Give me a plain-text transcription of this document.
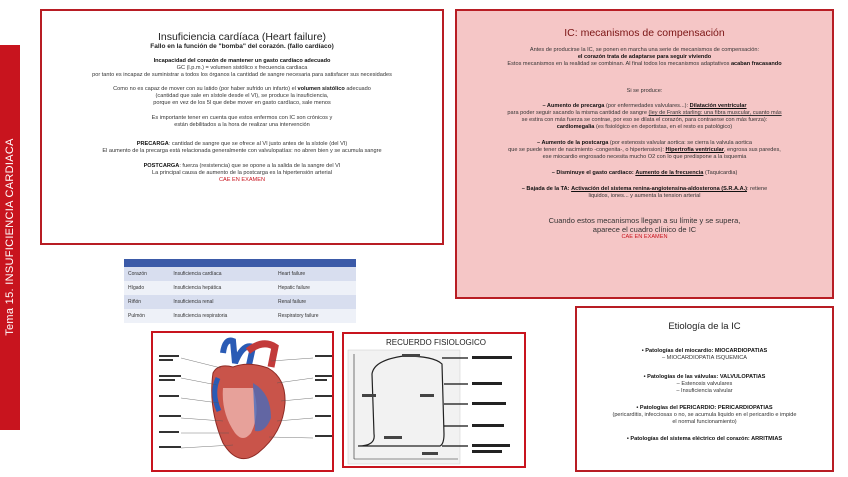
Tema 15. INSUFICIENCIA CARDIACA
Insuficiencia cardíaca (Heart failure)
Fallo en la función de "bomba" del corazón. (fallo cardíaco)
Incapacidad del corazón de mantener un gasto cardíaco adecuado
GC (l.p.m.) = volumen sistólico x frecuencia cardiaca
por tanto es incapaz de suministrar a todos los órganos la cantidad de sangre necesaria para satisfacer sus necesidades
Como no es capaz de mover con su latido (por haber sufrido un infarto) el volumen sistólico adecuado
(cantidad que sale en sístole desde el VI), se produce la insuficiencia,
porque en vez de los 5l que debe mover en gasto cardíaco, sale menos
Es importante tener en cuenta que estos enfermos con IC son crónicos y
están debilitados a la hora de realizar una intervención
PRECARGA: cantidad de sangre que se ofrece al VI justo antes de la sístole (del VI)
El aumento de la precarga está relacionada generalmente con valvulopatías: no abren bien y se acumula sangre
POSTCARGA: fuerza (resistencia) que se opone a la salida de la sangre del VI
La principal causa de aumento de la postcarga es la hipertensión arterial
CAE EN EXAMEN

Corazón	Insuficiencia cardíaca	Heart failure
Hígado	Insuficiencia hepática	Hepatic failure
Riñón	Insuficiencia renal	Renal failure
Pulmón	Insuficiencia respiratoria	Respiratory failure
RECUERDO FISIOLOGICO
IC: mecanismos de compensación
Antes de producirse la IC, se ponen en marcha una serie de mecanismos de compensación:
el corazón trata de adaptarse para seguir viviendo
Estos mecanismos en la realidad se combinan. Al final todos los mecanismos adaptativos acaban fracasando
Si se produce:
– Aumento de precarga (por enfermedades valvulares...): Dilatación ventricular
para poder seguir sacando la misma cantidad de sangre (ley de Frank starling: una fibra muscular, cuanto más
se estira con más fuerza se contrae, por eso se dilata el corazón, para contraerse con más fuerza):
cardiomegalia (es fisiológico en deportistas, en el resto es patológico)
– Aumento de la postcarga (por estenosis valvular aortica: se cierra la valvula aortica
que se puede tener de nacimiento -congenita-, o hipertension): Hipertrofia ventricular, engrosa sus paredes,
ese miocardio engrosado necesita mucho O2 con lo que predispone a la isquemia
– Disminuye el gasto cardiaco: Aumento de la frecuencia (Taquicardia)
– Bajada de la TA: Activación del sistema renina-angiotensina-aldosterona (S.R.A.A.): retiene
liquidos, iones... y aumenta la tension arterial
Cuando estos mecanismos llegan a su límite y se supera,
aparece el cuadro clínico de IC
CAE EN EXAMEN
Etiología de la IC
• Patologías del miocardio: MIOCARDIOPATIAS
– MIOCARDIOPATIA ISQUEMICA
• Patologías de las válvulas: VALVULOPATIAS
– Estenosis valvulares
– Insuficiencia valvular
• Patologías del PERICARDIO: PERICARDIOPATIAS
(pericarditis, infecciosas o no, se acumula liquido en el pericardio e impide
el normal funcionamiento)
• Patologías del sistema eléctrico del corazón: ARRITMIAS
